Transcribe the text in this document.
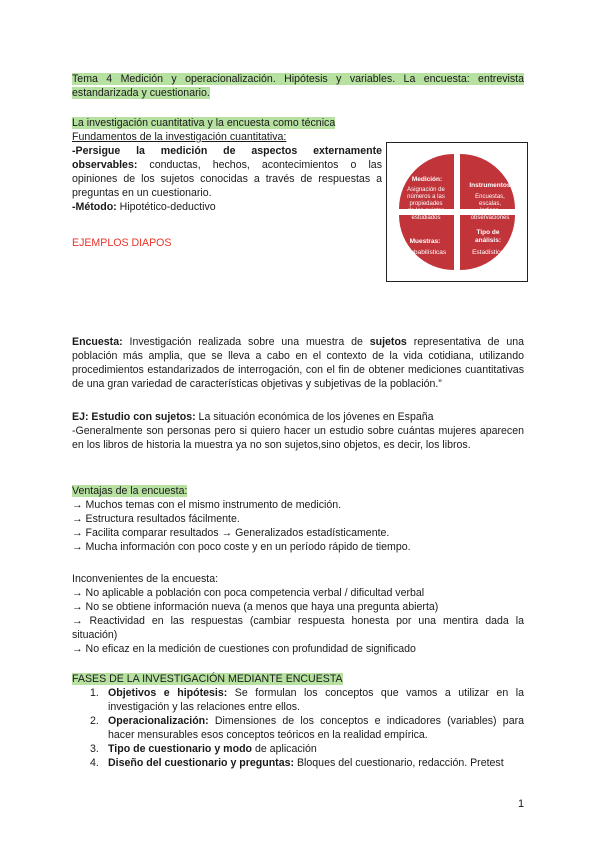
Tema 4 Medición y operacionalización. Hipótesis y variables. La encuesta: entrevista estandarizada y cuestionario.

La investigación cuantitativa y la encuesta como técnica

Fundamentos de la investigación cuantitativa:

-Persigue la medición de aspectos externamente observables: conductas, hechos, acontecimientos o las opiniones de los sujetos conocidas a través de respuestas a preguntas en un cuestionario.

-Método: Hipotético-deductivo

EJEMPLOS DIAPOS

Medición:
Asignación de
números a las
propiedades
de los sujetos
estudiados
Instrumentos:
Encuestas,
escalas,
índices,
observaciones
Muestras:
Probabilísticas
Tipo de
análisis:
Estadístico
Encuesta: Investigación realizada sobre una muestra de sujetos representativa de una población más amplia, que se lleva a cabo en el contexto de la vida cotidiana, utilizando procedimientos estandarizados de interrogación, con el fin de obtener mediciones cuantitativas de una gran variedad de características objetivas y subjetivas de la población.”

EJ: Estudio con sujetos: La situación económica de los jóvenes en España

-Generalmente son personas pero si quiero hacer un estudio sobre cuántas mujeres aparecen en los libros de historia la muestra ya no son sujetos,sino objetos, es decir, los libros.

Ventajas de la encuesta:

→ Muchos temas con el mismo instrumento de medición.

→ Estructura resultados fácilmente.

→ Facilita comparar resultados → Generalizados estadísticamente.

→ Mucha información con poco coste y en un período rápido de tiempo.

Inconvenientes de la encuesta:

→ No aplicable a población con poca competencia verbal / dificultad verbal

→ No se obtiene información nueva (a menos que haya una pregunta abierta)

→ Reactividad en las respuestas (cambiar respuesta honesta por una mentira dada la situación)

→ No eficaz en la medición de cuestiones con profundidad de significado

FASES DE LA INVESTIGACIÓN MEDIANTE ENCUESTA

1. Objetivos e hipótesis: Se formulan los conceptos que vamos a utilizar en la investigación y las relaciones entre ellos.
2. Operacionalización: Dimensiones de los conceptos e indicadores (variables) para hacer mensurables esos conceptos teóricos en la realidad empírica.
3. Tipo de cuestionario y modo de aplicación
4. Diseño del cuestionario y preguntas: Bloques del cuestionario, redacción. Pretest
1
